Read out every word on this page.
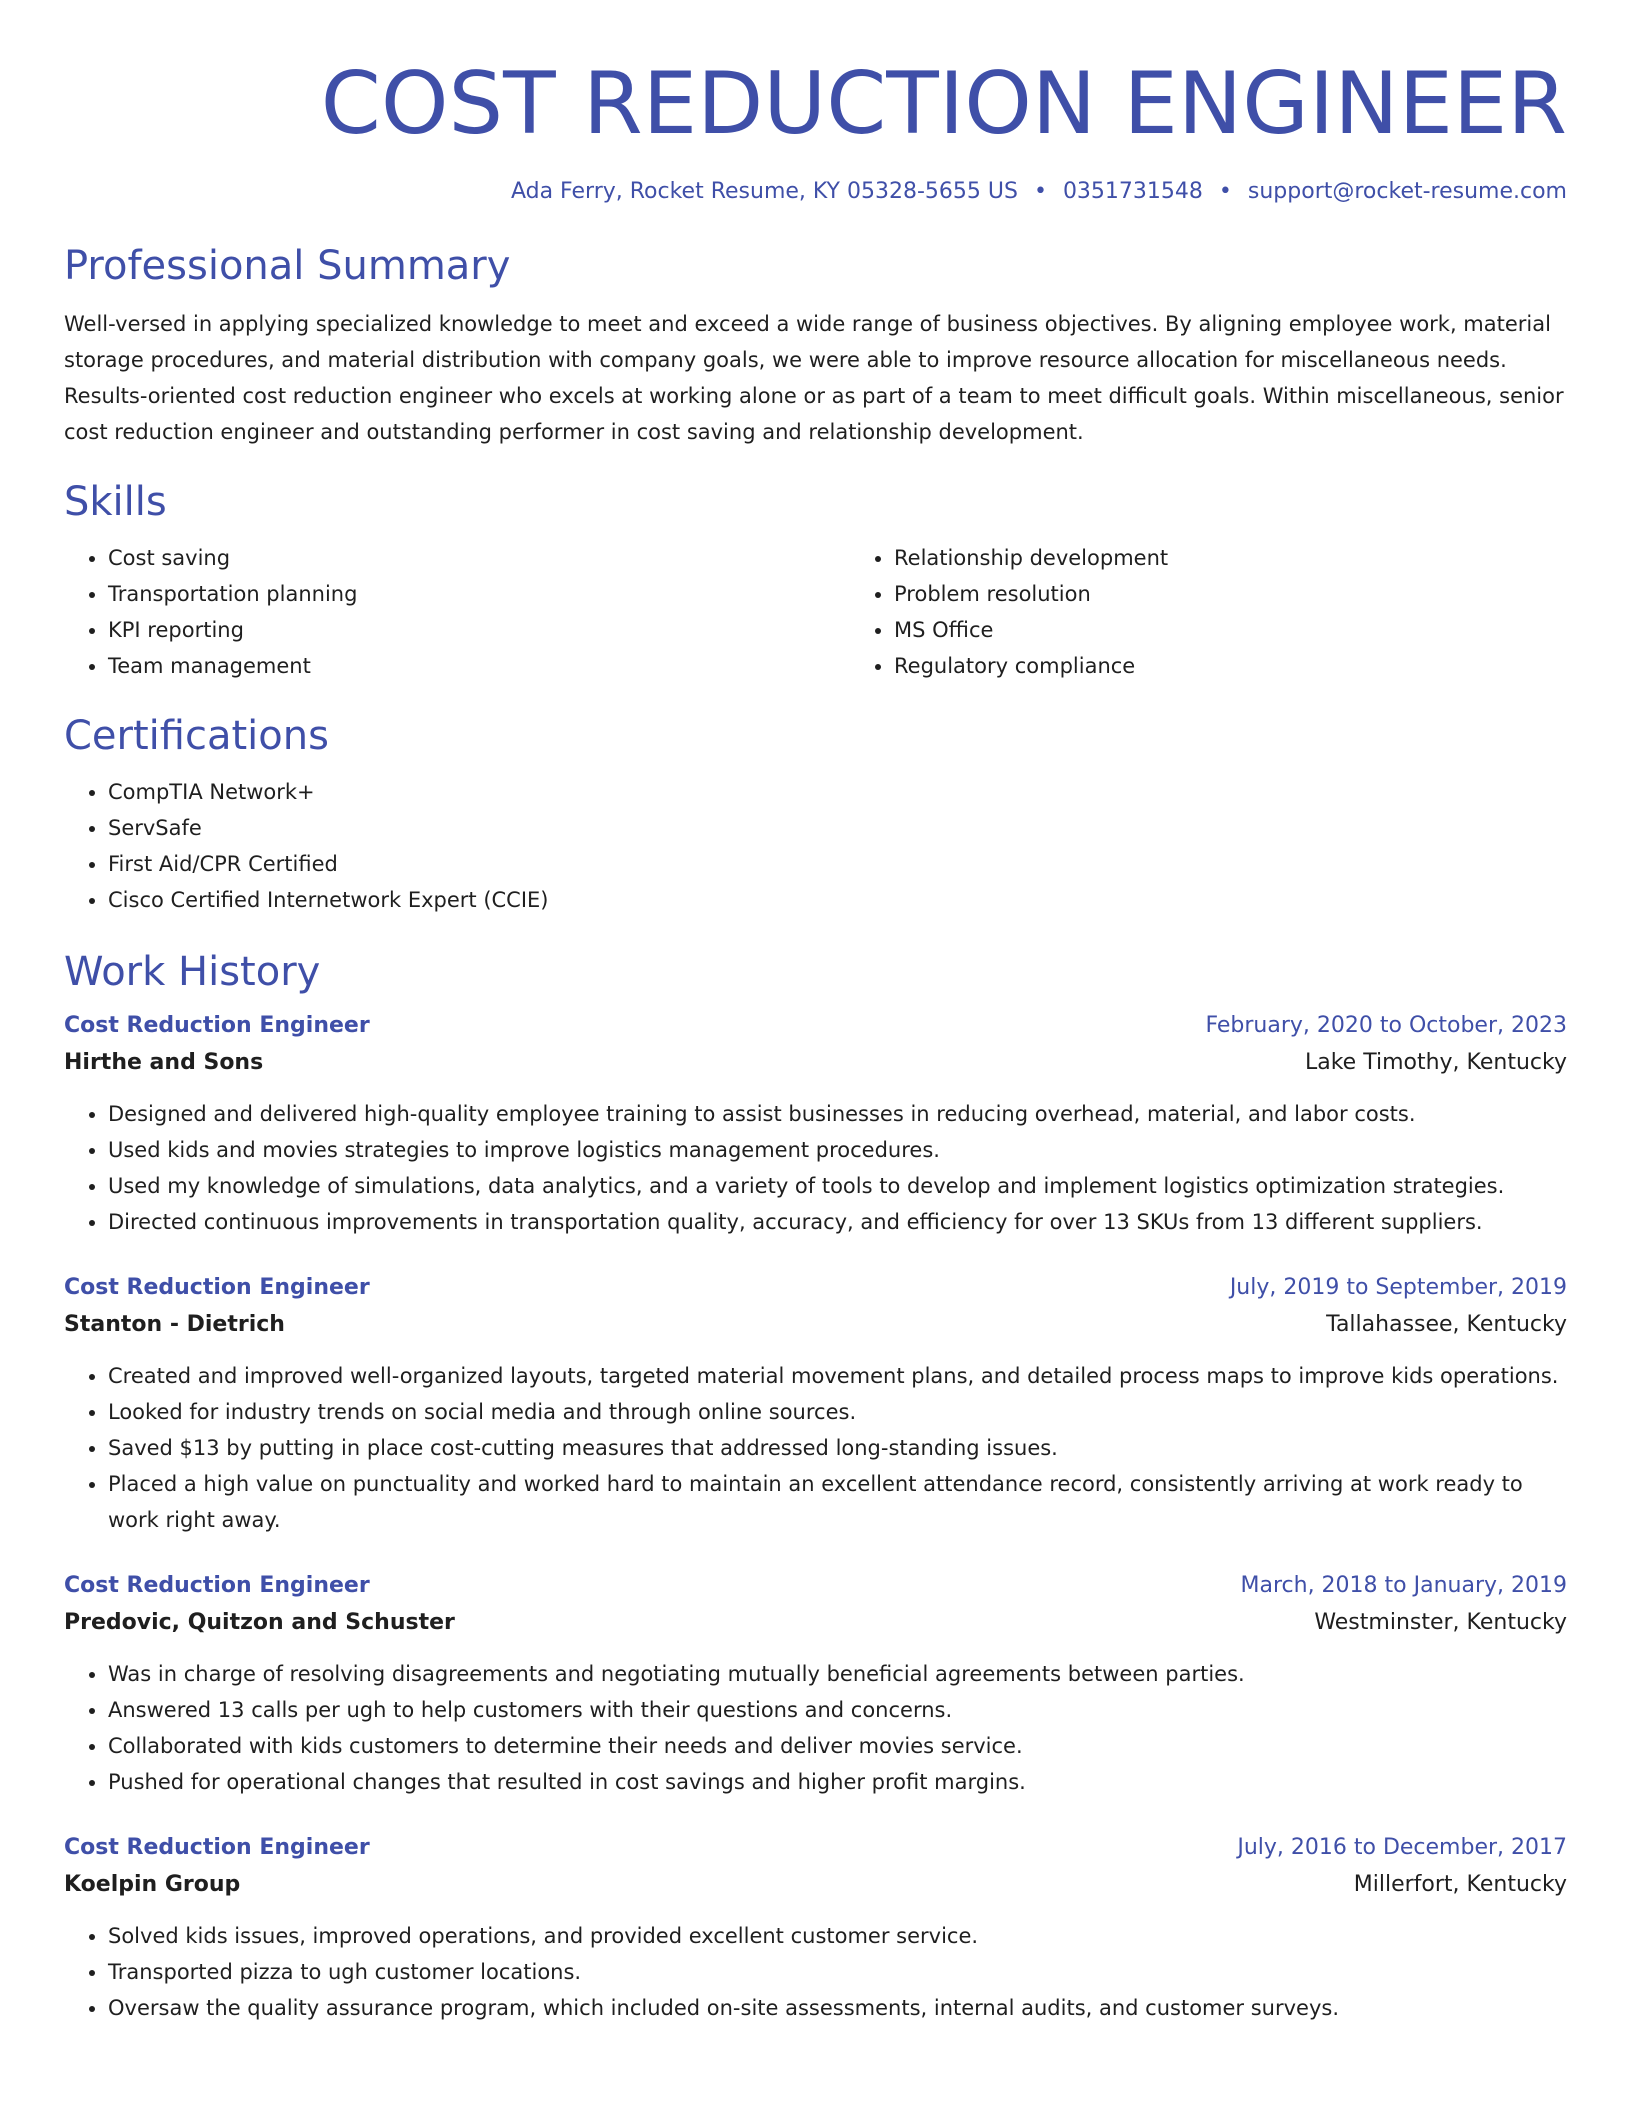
COST REDUCTION ENGINEER
Ada Ferry, Rocket Resume, KY 05328-5655 US • 0351731548 • support@rocket-resume.com
Professional Summary

Well-versed in applying specialized knowledge to meet and exceed a wide range of business objectives. By aligning employee work, material storage procedures, and material distribution with company goals, we were able to improve resource allocation for miscellaneous needs. Results-oriented cost reduction engineer who excels at working alone or as part of a team to meet difficult goals. Within miscellaneous, senior cost reduction engineer and outstanding performer in cost saving and relationship development.

Skills
• Cost saving
• Transportation planning
• KPI reporting
• Team management
• Relationship development
• Problem resolution
• MS Office
• Regulatory compliance
Certifications
• CompTIA Network+
• ServSafe
• First Aid/CPR Certified
• Cisco Certified Internetwork Expert (CCIE)
Work History
Cost Reduction Engineer	February, 2020 to October, 2023
Hirthe and Sons	Lake Timothy, Kentucky
• Designed and delivered high-quality employee training to assist businesses in reducing overhead, material, and labor costs.
• Used kids and movies strategies to improve logistics management procedures.
• Used my knowledge of simulations, data analytics, and a variety of tools to develop and implement logistics optimization strategies.
• Directed continuous improvements in transportation quality, accuracy, and efficiency for over 13 SKUs from 13 different suppliers.
Cost Reduction Engineer	July, 2019 to September, 2019
Stanton - Dietrich	Tallahassee, Kentucky
• Created and improved well-organized layouts, targeted material movement plans, and detailed process maps to improve kids operations.
• Looked for industry trends on social media and through online sources.
• Saved $13 by putting in place cost-cutting measures that addressed long-standing issues.
• Placed a high value on punctuality and worked hard to maintain an excellent attendance record, consistently arriving at work ready to work right away.
Cost Reduction Engineer	March, 2018 to January, 2019
Predovic, Quitzon and Schuster	Westminster, Kentucky
• Was in charge of resolving disagreements and negotiating mutually beneficial agreements between parties.
• Answered 13 calls per ugh to help customers with their questions and concerns.
• Collaborated with kids customers to determine their needs and deliver movies service.
• Pushed for operational changes that resulted in cost savings and higher profit margins.
Cost Reduction Engineer	July, 2016 to December, 2017
Koelpin Group	Millerfort, Kentucky
• Solved kids issues, improved operations, and provided excellent customer service.
• Transported pizza to ugh customer locations.
• Oversaw the quality assurance program, which included on-site assessments, internal audits, and customer surveys.
